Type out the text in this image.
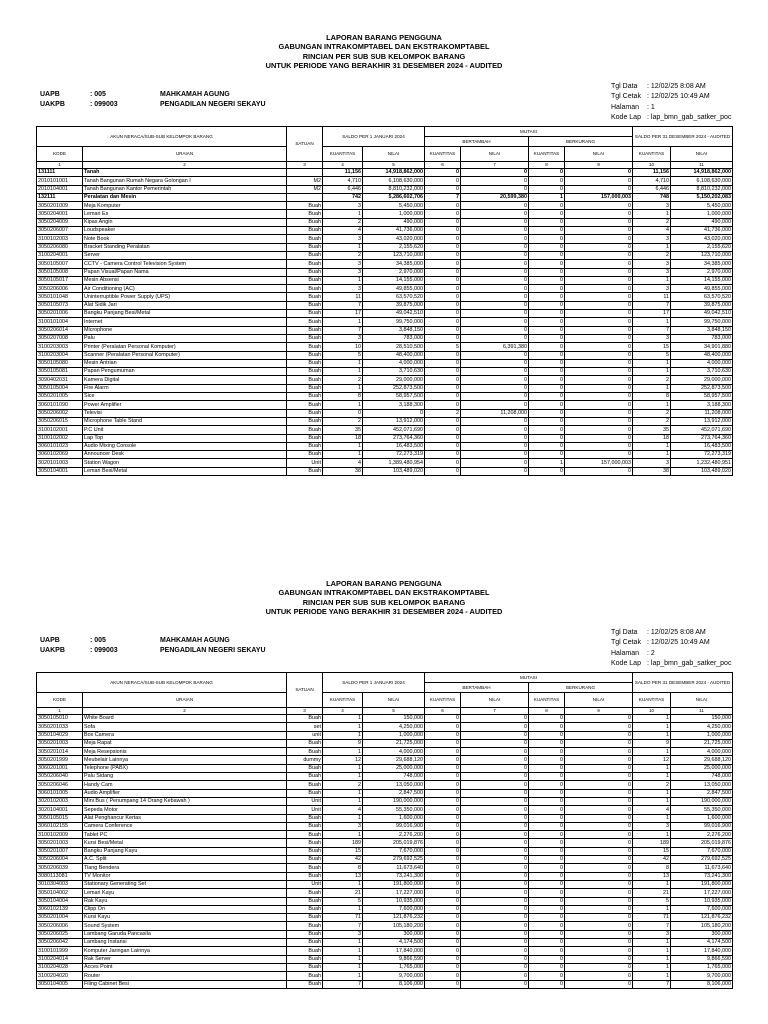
LAPORAN BARANG PENGGUNA
GABUNGAN INTRAKOMPTABEL DAN EKSTRAKOMPTABEL
RINCIAN PER SUB SUB KELOMPOK BARANG
UNTUK PERIODE YANG BERAKHIR 31 DESEMBER 2024 - AUDITED
UAPB	: 005	MAHKAMAH AGUNG
UAKPB	: 099003	PENGADILAN NEGERI SEKAYU
Tgl Data : 12/02/25 8:08 AM
Tgl Cetak : 12/02/25 10:49 AM
Halaman : 1
Kode Lap : lap_bmn_gab_satker_poc
AKUN NERACA/SUB-SUB KELOMPOK BARANG		SATUAN	SALDO PER 1 JANUARI 2024		MUTASI				SALDO PER 31 DESEMBER 2024 - AUDITED	
					BERTAMBAH		BERKURANG			
KODE	URAIAN		KUANTITAS	NILAI	KUANTITAS	NILAI	KUANTITAS	NILAI	KUANTITAS	NILAI
1	2	3	4	5	6	7	8	9	10	11
131111	Tanah		11,156	14,918,862,000	0	0	0	0	11,156	14,918,862,000
2010101001	Tanah Bangunan Rumah Negara Golongan I	M2	4,710	6,108,630,000	0	0	0	0	4,710	6,108,630,000
2010104001	Tanah Bangunan Kantor Pemerintah	M2	6,446	8,810,232,000	0	0	0	0	6,446	8,810,232,000
132111	Peralatan dan Mesin		742	5,286,602,706	7	20,599,380	1	157,000,003	748	5,150,202,083
3050201009	Meja Komputer	Buah	3	5,450,000	0	0	0	0	3	5,450,000
3050204001	Lemari Es	Buah	1	1,000,000	0	0	0	0	1	1,000,000
3050204009	Kipas Angin	Buah	2	490,000	0	0	0	0	2	490,000
3050206007	Loudspeaker	Buah	4	41,736,000	0	0	0	0	4	41,736,000
3100102003	Note Book	Buah	3	43,020,000	0	0	0	0	3	43,020,000
3050206080	Bracket Standing Peralatan	Buah	1	2,155,620	0	0	0	0	1	2,155,620
3100204001	Server	Buah	2	123,710,000	0	0	0	0	2	123,710,000
3050105007	CCTV - Camera Control Television System	Buah	3	34,385,000	0	0	0	0	3	34,385,000
3050105008	Papan Visual/Papan Nama	Buah	3	2,970,000	0	0	0	0	3	2,970,000
3050105017	Mesin Absensi	Buah	1	14,155,000	0	0	0	0	1	14,155,000
3050206006	Air Conditioning (AC)	Buah	3	49,855,000	0	0	0	0	3	49,855,000
3050101048	Uninterruptible Power Supply (UPS)	Buah	11	63,570,520	0	0	0	0	11	63,570,520
3050105073	Alat Sidik Jari	Buah	7	39,875,000	0	0	0	0	7	39,875,000
3050201006	Bangku Panjang Besi/Metal	Buah	17	49,042,510	0	0	0	0	17	49,042,510
3100101004	Internet	Buah	1	99,750,000	0	0	0	0	1	99,750,000
3050206014	Microphone	Buah	7	3,848,150	0	0	0	0	7	3,848,150
3050207008	Palu	Buah	3	783,000	0	0	0	0	3	783,000
3100203003	Printer (Peralatan Personal Komputer)	Buah	10	28,510,500	5	6,391,380	0	0	15	34,901,880
3100203004	Scanner (Peralatan Personal Komputer)	Buah	5	48,400,000	0	0	0	0	5	48,400,000
3050105080	Mesin Antrian	Buah	1	4,000,000	0	0	0	0	1	4,000,000
3050105081	Papan Pengumuman	Buah	1	3,710,630	0	0	0	0	1	3,710,630
3090402031	Kamera Digital	Buah	2	29,000,000	0	0	0	0	2	29,000,000
3050105004	Fire Alarm	Buah	1	252,873,500	0	0	0	0	1	252,873,500
3050201005	Sice	Buah	8	58,957,500	0	0	0	0	8	58,957,500
3060101090	Power Amplifier	Buah	1	3,188,300	0	0	0	0	1	3,188,300
3050206002	Televisi	Buah	0	0	2	11,208,000	0	0	2	11,208,000
3050206015	Microphone Table Stand	Buah	2	13,912,000	0	0	0	0	2	13,912,000
3100102001	P.C Unit	Buah	35	452,071,690	0	0	0	0	35	452,071,690
3100102002	Lap Top	Buah	18	273,764,360	0	0	0	0	18	273,764,360
3060101023	Audio Mixing Console	Buah	1	16,483,500	0	0	0	0	1	16,483,500
3060102069	Announcer Desk	Buah	1	72,273,319	0	0	0	0	1	72,273,319
3020101003	Station Wagon	Unit	4	1,389,480,954	0	0	1	157,000,003	3	1,232,480,951
3050104001	Lemari Besi/Metal	Buah	38	103,489,020	0	0	0	0	38	103,489,020
LAPORAN BARANG PENGGUNA
GABUNGAN INTRAKOMPTABEL DAN EKSTRAKOMPTABEL
RINCIAN PER SUB SUB KELOMPOK BARANG
UNTUK PERIODE YANG BERAKHIR 31 DESEMBER 2024 - AUDITED
UAPB	: 005	MAHKAMAH AGUNG
UAKPB	: 099003	PENGADILAN NEGERI SEKAYU
Tgl Data : 12/02/25 8:08 AM
Tgl Cetak : 12/02/25 10:49 AM
Halaman : 2
Kode Lap : lap_bmn_gab_satker_poc
AKUN NERACA/SUB-SUB KELOMPOK BARANG		SATUAN	SALDO PER 1 JANUARI 2024		MUTASI				SALDO PER 31 DESEMBER 2024 - AUDITED	
					BERTAMBAH		BERKURANG			
KODE	URAIAN		KUANTITAS	NILAI	KUANTITAS	NILAI	KUANTITAS	NILAI	KUANTITAS	NILAI
1	2	3	4	5	6	7	8	9	10	11
3050105010	White Board	Buah	1	150,000	0	0	0	0	1	150,000
3050201033	Sofa	set	1	4,250,000	0	0	0	0	1	4,250,000
3050104029	Box Camera	unit	1	1,000,000	0	0	0	0	1	1,000,000
3050201003	Meja Rapat	Buah	9	21,725,000	0	0	0	0	9	21,725,000
3050201014	Meja Resepsionis	Buah	1	4,000,000	0	0	0	0	1	4,000,000
3050201999	Meubelair Lainnya	dummy	12	29,688,120	0	0	0	0	12	29,688,120
3060201001	Telephone (PABX)	Buah	1	25,000,000	0	0	0	0	1	25,000,000
3050206040	Palu Sidang	Buah	1	748,000	0	0	0	0	1	748,000
3050206046	Handy Cam	Buah	2	13,050,000	0	0	0	0	2	13,050,000
3060101005	Audio Amplifier	Buah	1	2,847,500	0	0	0	0	1	2,847,500
3020102003	Mini Bus ( Penumpang 14 Orang Kebawah )	Unit	1	190,000,000	0	0	0	0	1	190,000,000
3020104001	Sepeda Motor	Unit	4	55,350,000	0	0	0	0	4	55,350,000
3050105015	Alat Penghancur Kertas	Buah	1	1,600,000	0	0	0	0	1	1,600,000
3060102155	Camera Conference	Buah	3	99,016,900	0	0	0	0	3	99,016,900
3100102009	Tablet PC	Buah	1	2,276,200	0	0	0	0	1	2,276,200
3050201003	Kursi Besi/Metal	Buah	189	205,019,876	0	0	0	0	189	205,019,876
3050201007	Bangku Panjang Kayu	Buah	15	7,670,000	0	0	0	0	15	7,670,000
3050206004	A.C. Split	Buah	42	279,692,525	0	0	0	0	42	279,692,525
3050206039	Tiang Bendera	Buah	8	11,673,640	0	0	0	0	8	11,673,640
3080113081	TV Monitor	Buah	13	73,241,300	0	0	0	0	13	73,241,300
3010304003	Stationary Generating Set	Unit	1	191,800,000	0	0	0	0	1	191,800,000
3050104002	Lemari Kayu	Buah	21	17,227,000	0	0	0	0	21	17,227,000
3050104004	Rak Kayu	Buah	5	10,935,000	0	0	0	0	5	10,935,000
3060102139	Clipp On	Buah	1	7,600,000	0	0	0	0	1	7,600,000
3050201004	Kursi Kayu	Buah	71	121,876,232	0	0	0	0	71	121,876,232
3050206006	Sound System	Buah	7	105,180,200	0	0	0	0	7	105,180,200
3050206025	Lambang Garuda Pancasila	Buah	3	300,000	0	0	0	0	3	300,000
3050206042	Lambang Instansi	Buah	1	4,174,500	0	0	0	0	1	4,174,500
3100101999	Komputer Jaringan Lainnya	Buah	1	17,840,000	0	0	0	0	1	17,840,000
3100204014	Rak Server	Buah	1	9,866,590	0	0	0	0	1	9,866,590
3100204028	Acces Point	Buah	1	1,765,000	0	0	0	0	1	1,765,000
3100204020	Router	Buah	1	9,700,000	0	0	0	0	1	9,700,000
3050104005	Filing Cabinet Besi	Buah	7	8,106,000	0	0	0	0	7	8,106,000
